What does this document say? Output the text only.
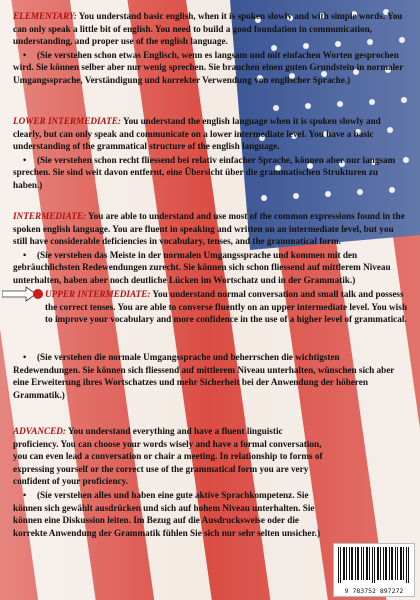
ELEMENTARY: You understand basic english, when it is spoken slowly and with simple words. You can only speak a little bit of english. You need to build a good foundation in communication, understanding, and proper use of the english language.
• (Sie verstehen schon etwas Englisch, wenn es langsam und mit einfachen Worten gesprochen wird. Sie können selber aber nur wenig sprechen. Sie brauchen einen guten Grundstein in normaler Umgangssprache, Verständigung und korrekter Verwendung von englischer Sprache.)
LOWER INTERMEDIATE: You understand the english language when it is spoken slowly and clearly, but can only speak and communicate on a lower intermediate level. You have a basic understanding of the grammatical structure of the english language.
• (Sie verstehen schon recht fliessend bei relativ einfacher Sprache, können aber nur langsam sprechen. Sie sind weit davon entfernt, eine Übersicht über die grammatischen Strukturen zu haben.)
INTERMEDIATE: You are able to understand and use most of the common expressions found in the spoken english language. You are fluent in speaking and written on an intermediate level, but you still have considerable deficiencies in vocabulary, tenses, and the grammatical form.
• (Sie verstehen das Meiste in der normalen Umgangssprache und kommen mit den gebräuchlichsten Redewendungen zurecht. Sie können sich schon fliessend auf mittlerem Niveau unterhalten, haben aber noch deutliche Lücken im Wortschatz und in der Grammatik.)
UPPER INTERMEDIATE: You understand normal conversation and small talk and possess the correct tenses. You are able to converse fluently on an upper intermediate level. You wish to improve your vocabulary and more confidence in the use of a higher level of grammatical.
• (Sie verstehen die normale Umgangssprache und beherrschen die wichtigsten Redewendungen. Sie können sich fliessend auf mittlerem Niveau unterhalten, wünschen sich aber eine Erweiterung ihres Wortschatzes und mehr Sicherheit bei der Anwendung der höheren Grammatik.)
ADVANCED: You understand everything and have a fluent linguistic proficiency. You can choose your words wisely and have a formal conversation, you can even lead a conversation or chair a meeting. In relationship to forms of expressing yourself or the correct use of the grammatical form you are very confident of your proficiency.
• (Sie verstehen alles und haben eine gute aktive Sprachkompetenz. Sie können sich gewählt ausdrücken und sich auf hohem Niveau unterhalten. Sie können eine Diskussion leiten. Im Bezug auf die Ausdrucksweise oder die korrekte Anwendung der Grammatik fühlen Sie sich nur sehr selten unsicher.)
9 783752 897272
